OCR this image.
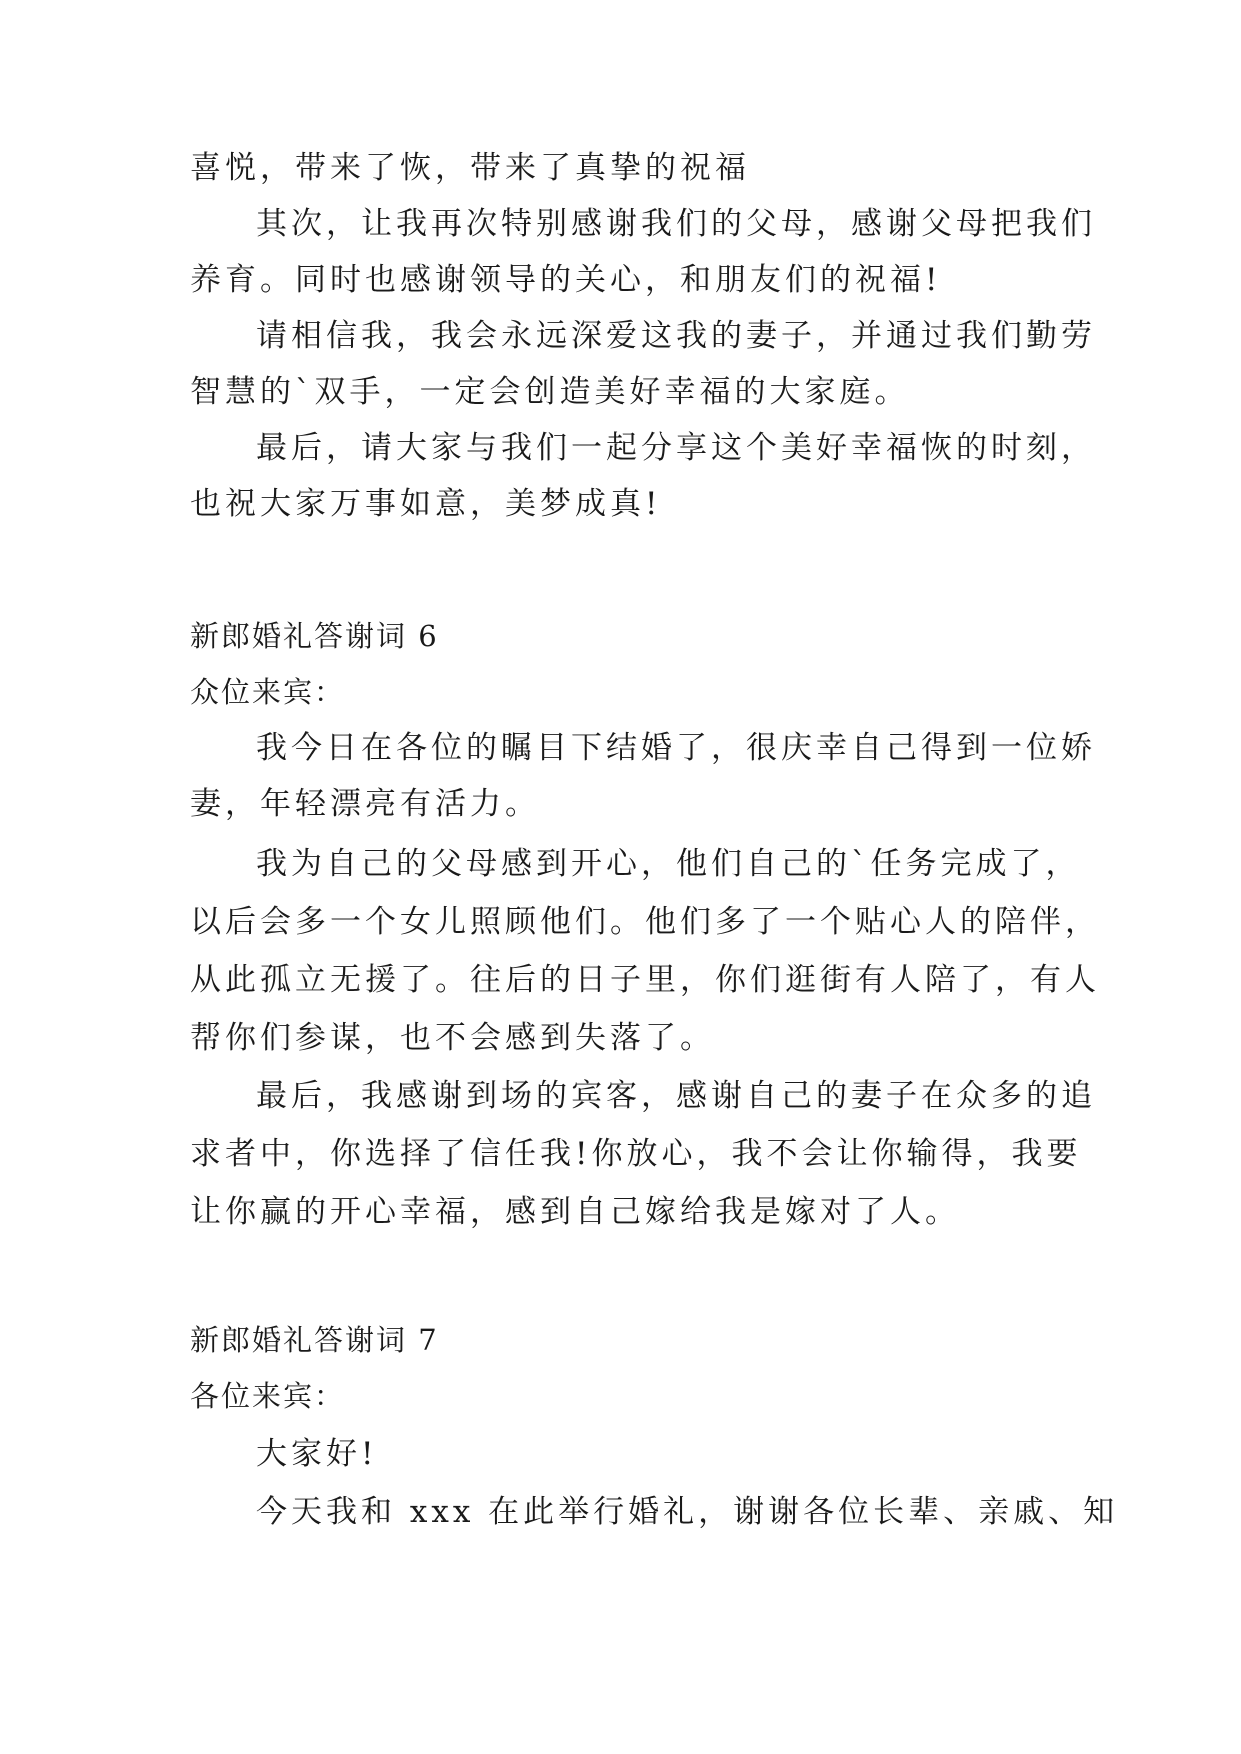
喜悦，带来了恢，带来了真挚的祝福
其次，让我再次特别感谢我们的父母，感谢父母把我们
养育。同时也感谢领导的关心，和朋友们的祝福!
请相信我，我会永远深爱这我的妻子，并通过我们勤劳
智慧的`双手，一定会创造美好幸福的大家庭。
最后，请大家与我们一起分享这个美好幸福恢的时刻，
也祝大家万事如意，美梦成真!
新郎婚礼答谢词 6
众位来宾：
我今日在各位的瞩目下结婚了，很庆幸自己得到一位娇
妻，年轻漂亮有活力。
我为自己的父母感到开心，他们自己的`任务完成了，
以后会多一个女儿照顾他们。他们多了一个贴心人的陪伴，
从此孤立无援了。往后的日子里，你们逛街有人陪了，有人
帮你们参谋，也不会感到失落了。
最后，我感谢到场的宾客，感谢自己的妻子在众多的追
求者中，你选择了信任我!你放心，我不会让你输得，我要
让你赢的开心幸福，感到自己嫁给我是嫁对了人。
新郎婚礼答谢词 7
各位来宾：
大家好!
今天我和 xxx 在此举行婚礼，谢谢各位长辈、亲戚、知
